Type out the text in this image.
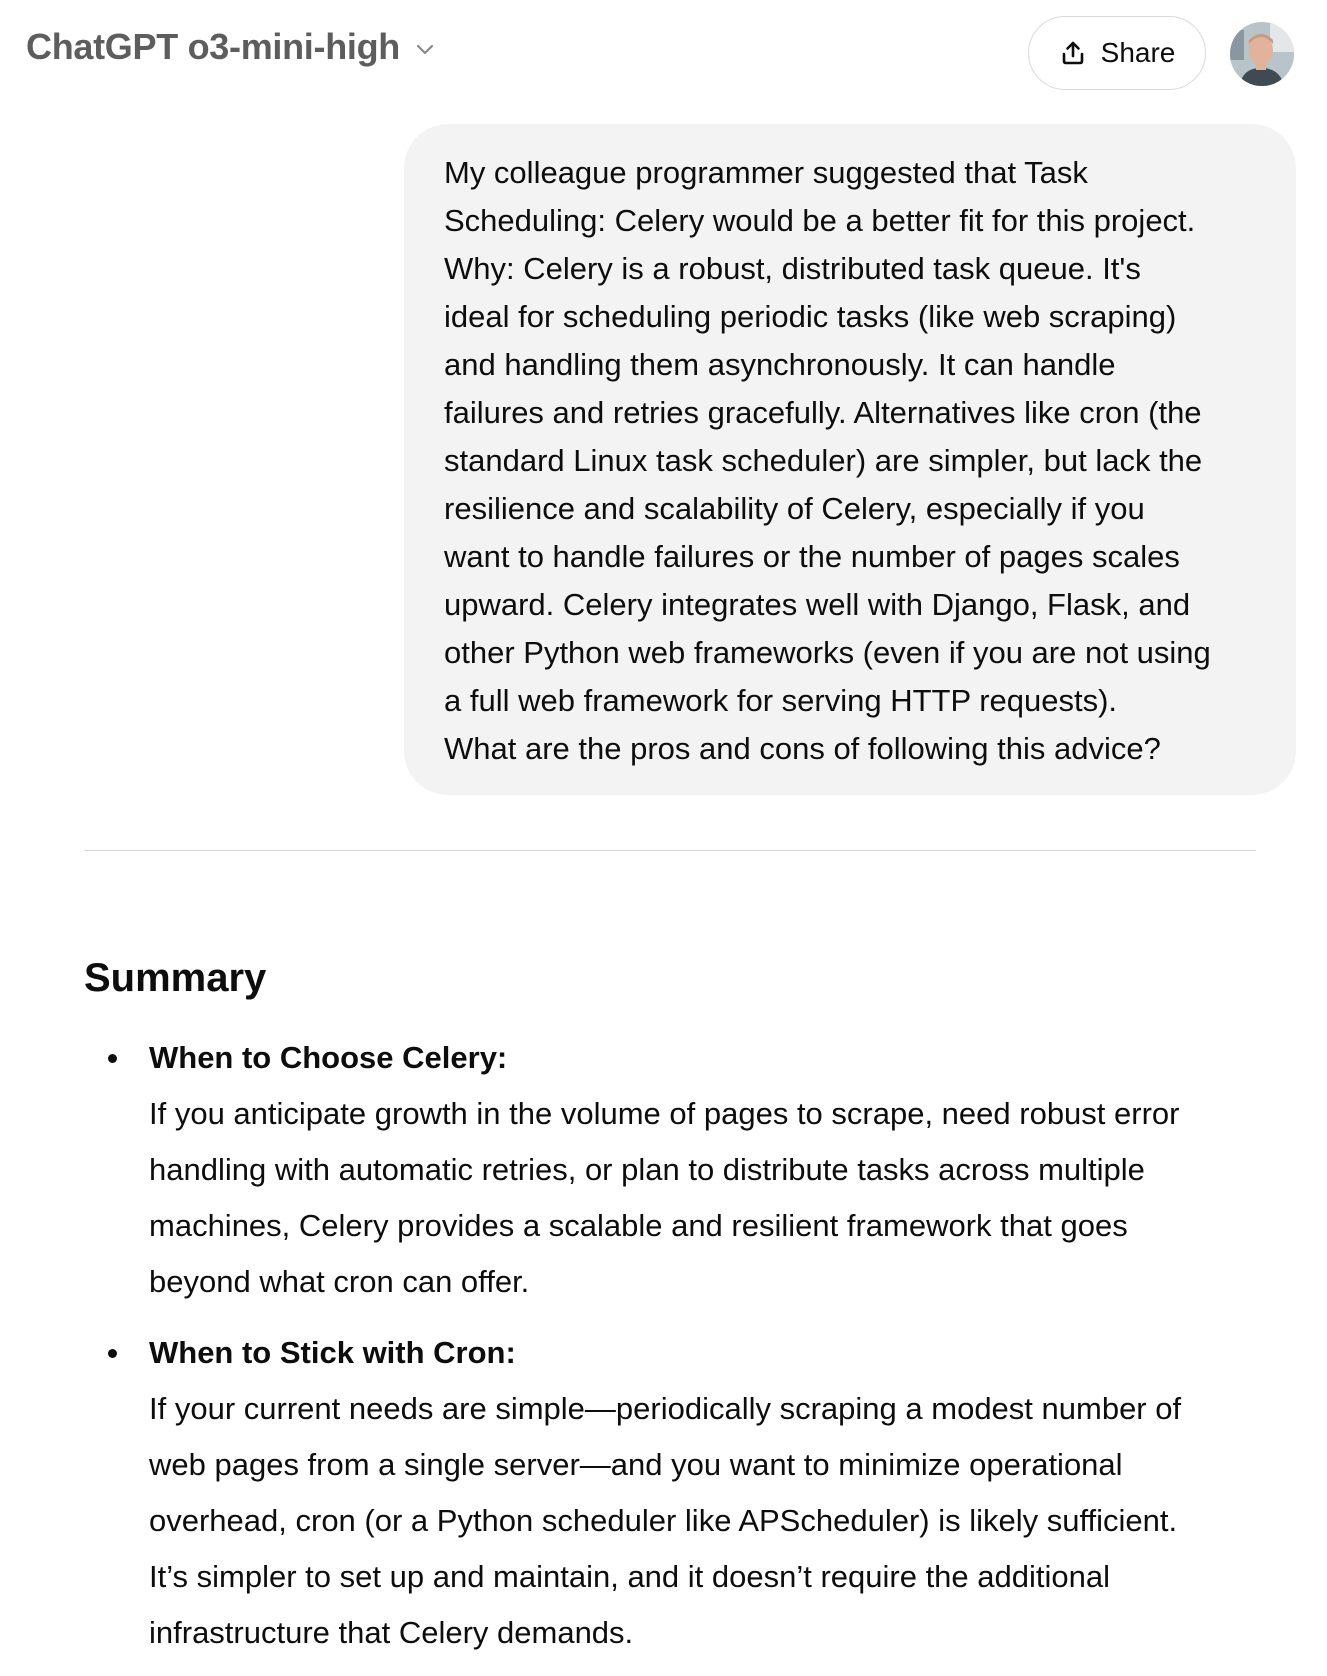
ChatGPT o3-mini-high	Share
My colleague programmer suggested that Task
Scheduling: Celery would be a better fit for this project.
Why: Celery is a robust, distributed task queue. It's
ideal for scheduling periodic tasks (like web scraping)
and handling them asynchronously. It can handle
failures and retries gracefully. Alternatives like cron (the
standard Linux task scheduler) are simpler, but lack the
resilience and scalability of Celery, especially if you
want to handle failures or the number of pages scales
upward. Celery integrates well with Django, Flask, and
other Python web frameworks (even if you are not using
a full web framework for serving HTTP requests).
What are the pros and cons of following this advice?
Summary
When to Choose Celery:
If you anticipate growth in the volume of pages to scrape, need robust error
handling with automatic retries, or plan to distribute tasks across multiple
machines, Celery provides a scalable and resilient framework that goes
beyond what cron can offer.
When to Stick with Cron:
If your current needs are simple—periodically scraping a modest number of
web pages from a single server—and you want to minimize operational
overhead, cron (or a Python scheduler like APScheduler) is likely sufficient.
It’s simpler to set up and maintain, and it doesn’t require the additional
infrastructure that Celery demands.
